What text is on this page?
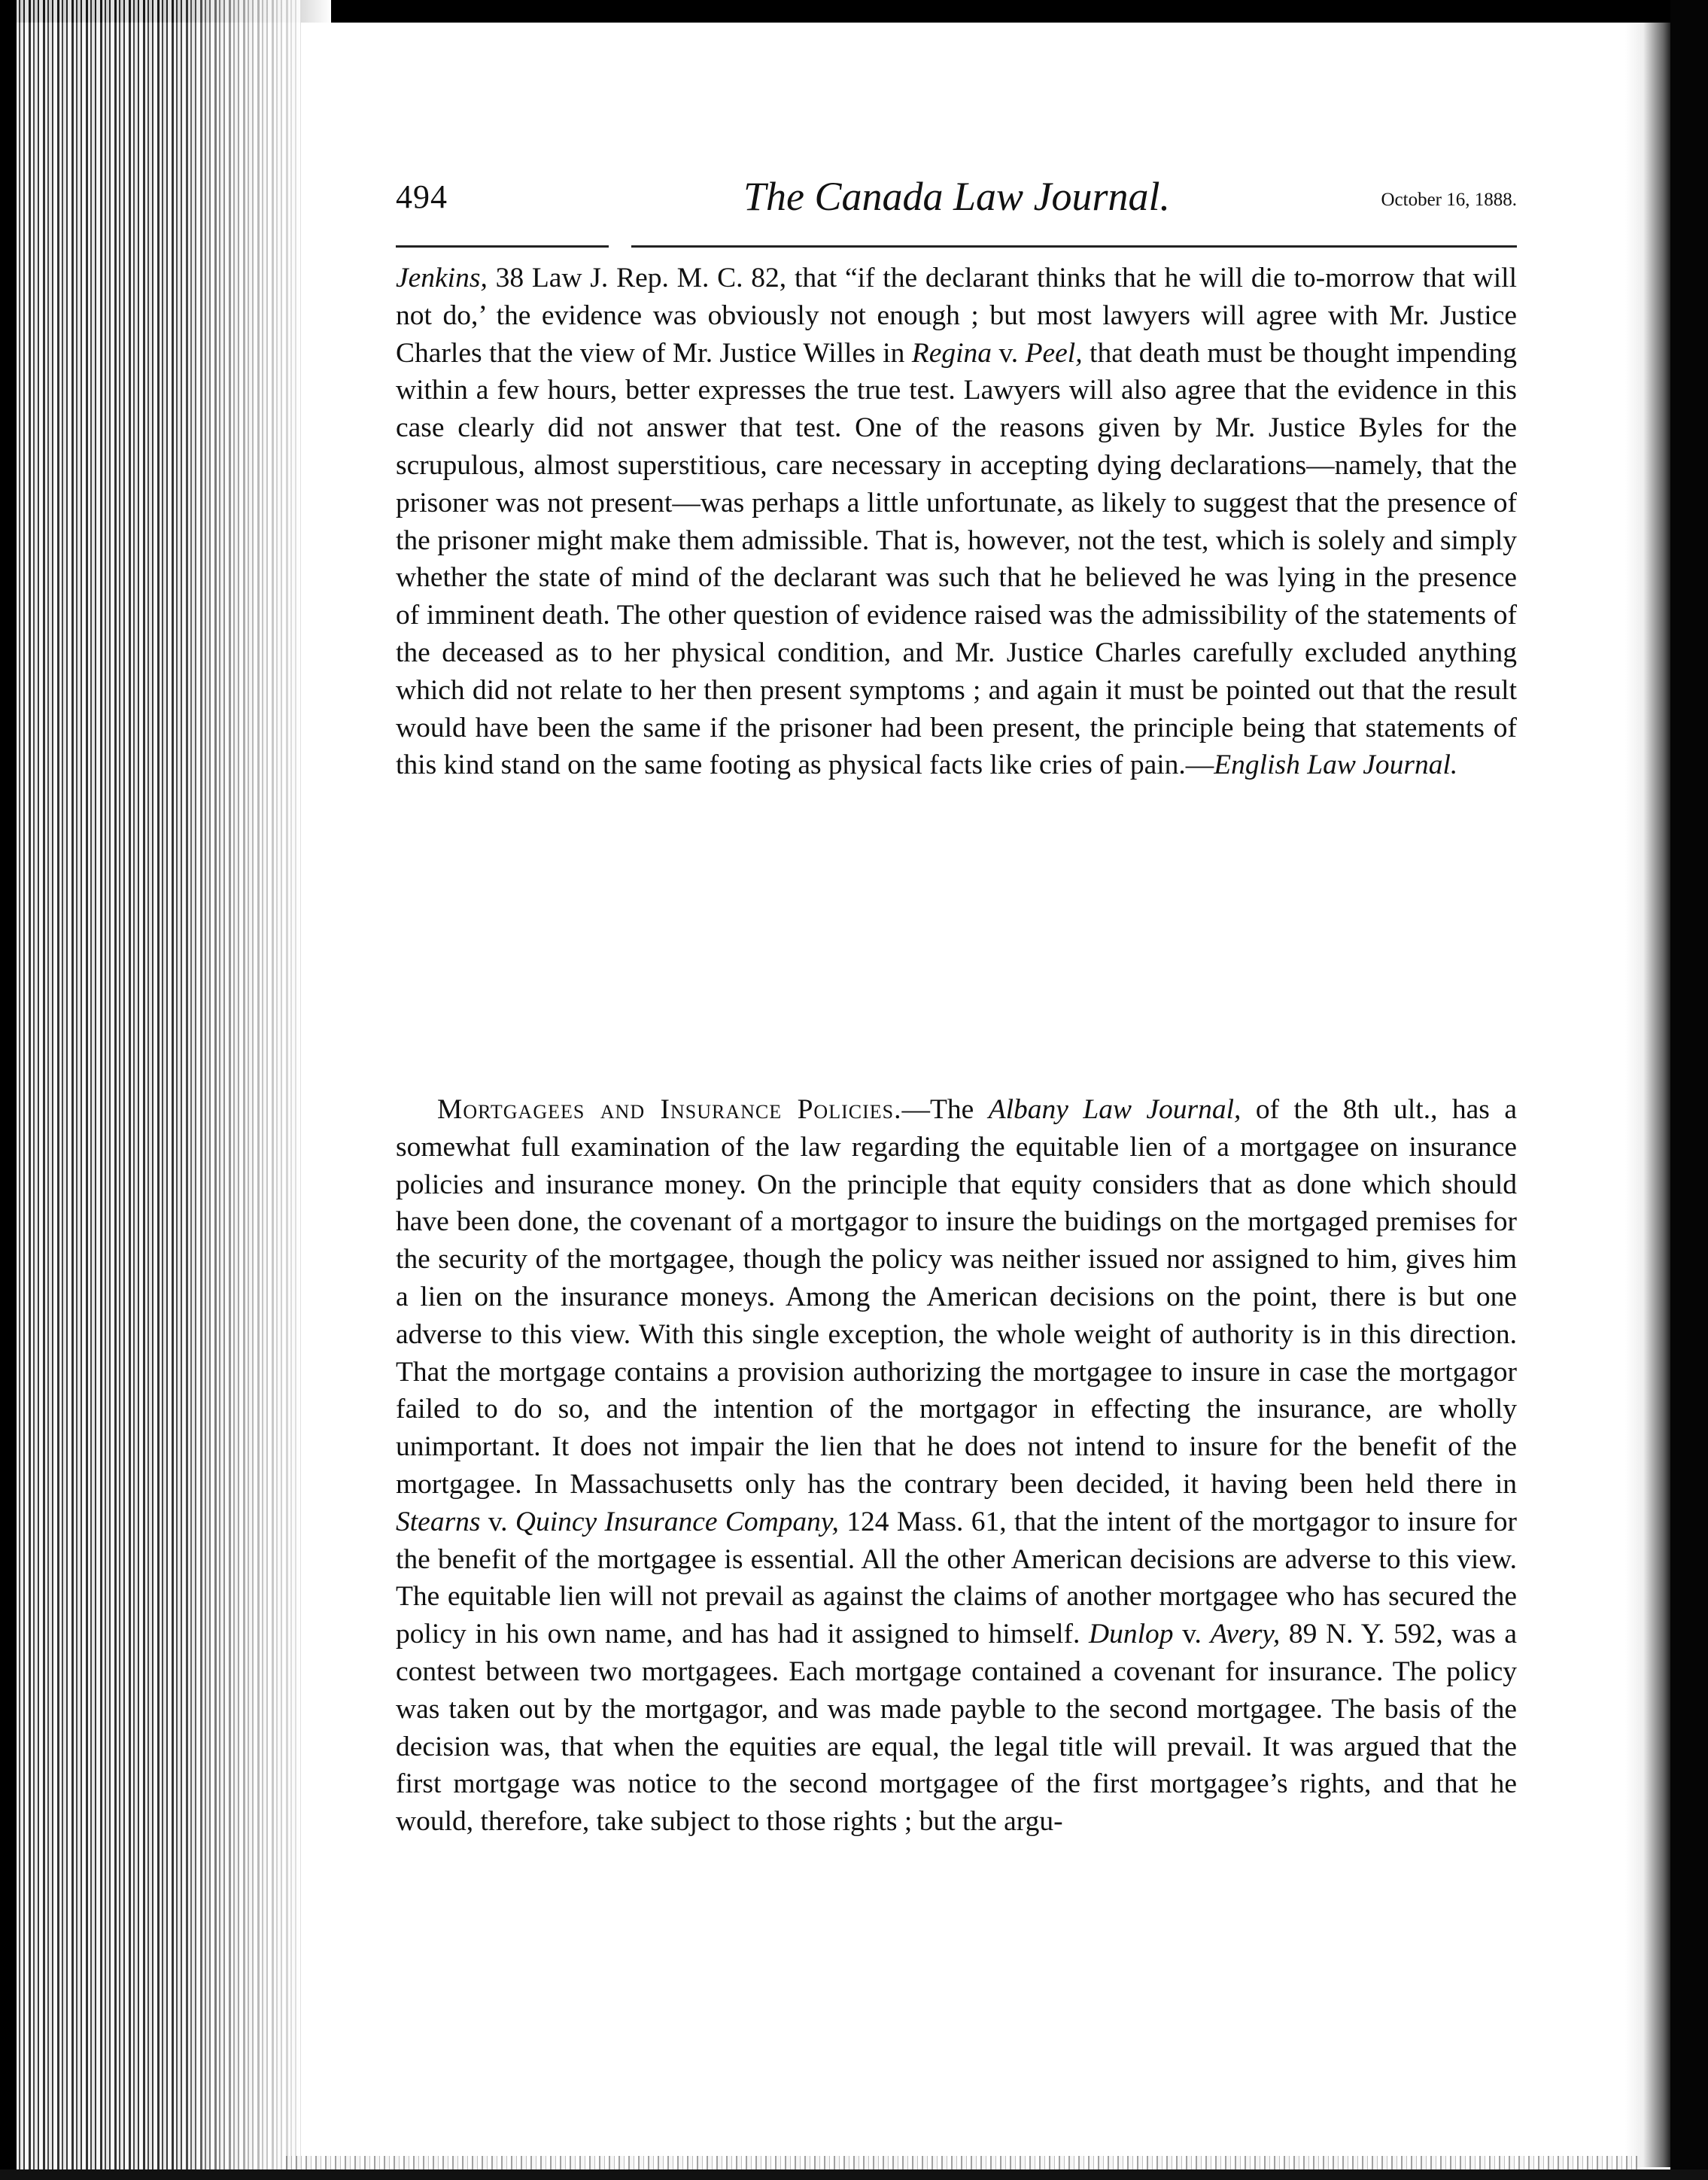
494	The Canada Law Journal.	October 16, 1888.

Jenkins, 38 Law J. Rep. M. C. 82, that “if the declarant thinks that he will die to-morrow that will not do,’ the evidence was obviously not enough ; but most lawyers will agree with Mr. Justice Charles that the view of Mr. Justice Willes in Regina v. Peel, that death must be thought impending within a few hours, better expresses the true test. Lawyers will also agree that the evidence in this case clearly did not answer that test. One of the reasons given by Mr. Justice Byles for the scrupulous, almost superstitious, care necessary in accepting dying declarations—namely, that the prisoner was not present—was perhaps a little unfortunate, as likely to suggest that the presence of the prisoner might make them admissible. That is, however, not the test, which is solely and simply whether the state of mind of the declarant was such that he believed he was lying in the presence of imminent death. The other question of evidence raised was the admissibility of the statements of the deceased as to her physical condition, and Mr. Justice Charles carefully excluded anything which did not relate to her then present symptoms ; and again it must be pointed out that the result would have been the same if the prisoner had been present, the principle being that statements of this kind stand on the same footing as physical facts like cries of pain.—English Law Journal.

Mortgagees and Insurance Policies.—The Albany Law Journal, of the 8th ult., has a somewhat full examination of the law regarding the equitable lien of a mortgagee on insurance policies and insurance money. On the principle that equity considers that as done which should have been done, the covenant of a mortgagor to insure the buidings on the mortgaged premises for the security of the mortgagee, though the policy was neither issued nor assigned to him, gives him a lien on the insurance moneys. Among the American decisions on the point, there is but one adverse to this view. With this single exception, the whole weight of authority is in this direction. That the mortgage contains a provision authorizing the mortgagee to insure in case the mortgagor failed to do so, and the intention of the mortgagor in effecting the insurance, are wholly unimportant. It does not impair the lien that he does not intend to insure for the benefit of the mortgagee. In Massachusetts only has the contrary been decided, it having been held there in Stearns v. Quincy Insurance Company, 124 Mass. 61, that the intent of the mortgagor to insure for the benefit of the mortgagee is essential. All the other American decisions are adverse to this view. The equitable lien will not prevail as against the claims of another mortgagee who has secured the policy in his own name, and has had it assigned to himself. Dunlop v. Avery, 89 N. Y. 592, was a contest between two mortgagees. Each mortgage contained a covenant for insurance. The policy was taken out by the mortgagor, and was made payble to the second mortgagee. The basis of the decision was, that when the equities are equal, the legal title will prevail. It was argued that the first mortgage was notice to the second mortgagee of the first mortgagee’s rights, and that he would, therefore, take subject to those rights ; but the argu-
